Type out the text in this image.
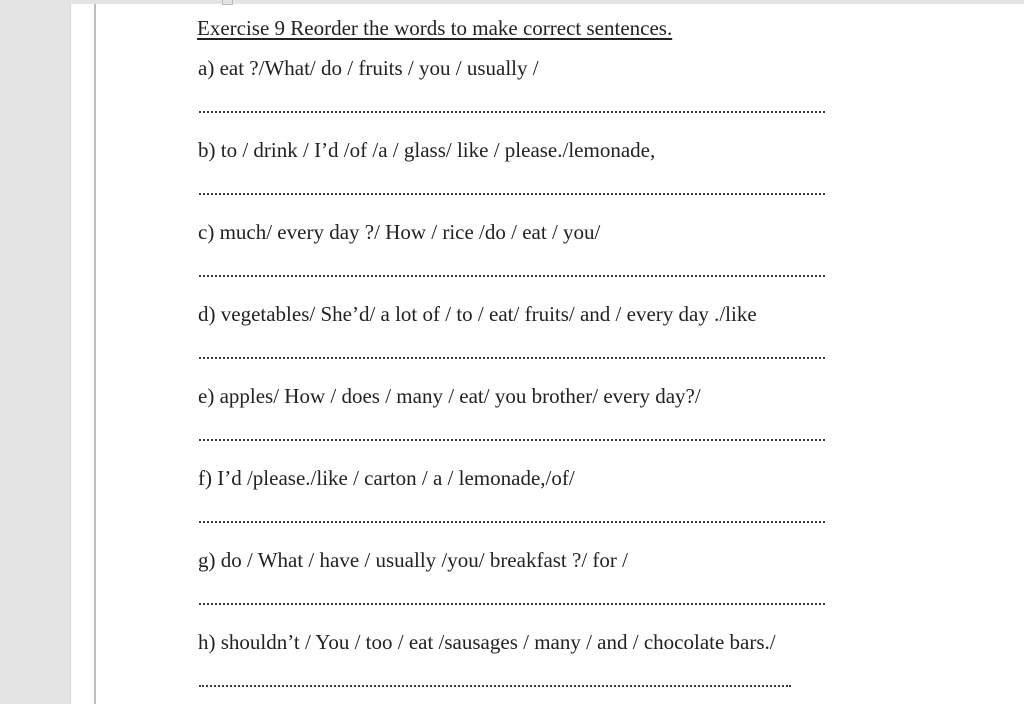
Exercise 9 Reorder the words to make correct sentences.
a) eat ?/What/ do / fruits / you / usually /
b) to / drink / I’d /of /a / glass/ like / please./lemonade,
c) much/ every day ?/ How / rice /do / eat / you/
d) vegetables/ She’d/ a lot of / to / eat/ fruits/ and / every day ./like
e) apples/ How / does / many / eat/ you brother/ every day?/
f) I’d /please./like / carton / a / lemonade,/of/
g) do / What / have / usually /you/ breakfast ?/ for /
h) shouldn’t / You / too / eat /sausages / many / and / chocolate bars./
